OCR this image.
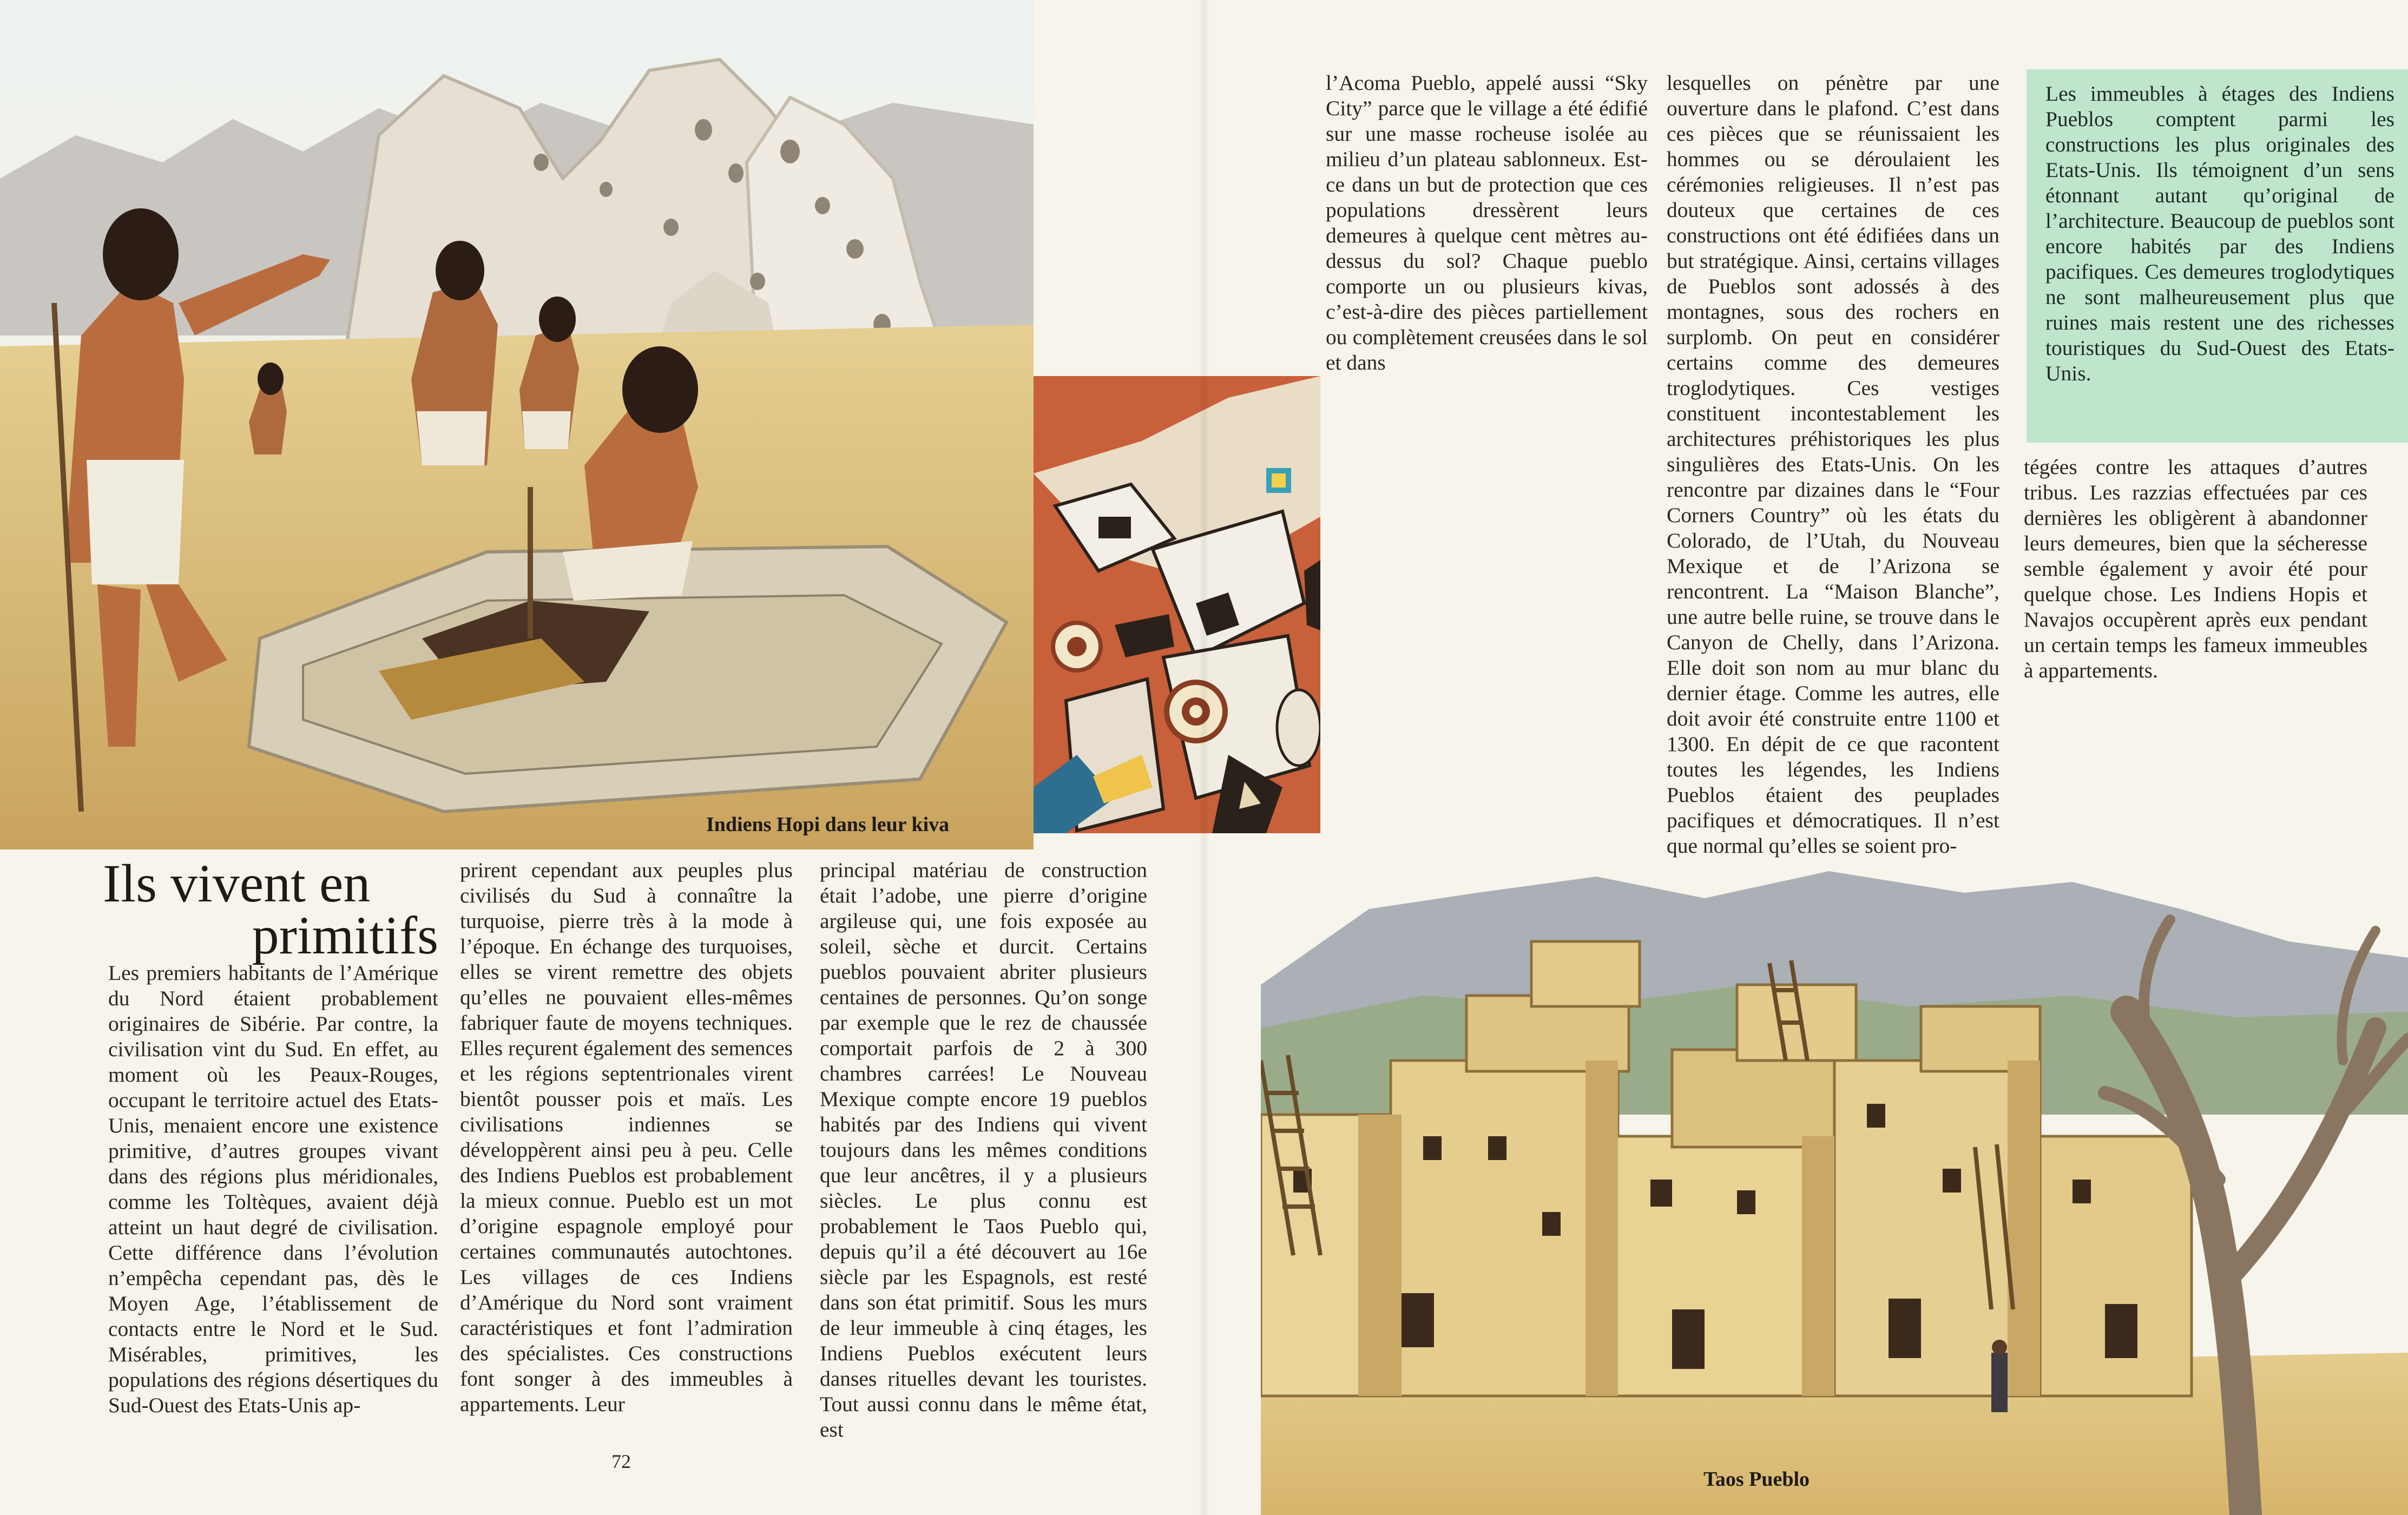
Indiens Hopi dans leur kiva
Taos Pueblo
Ils vivent en
primitifs

Les premiers habitants de l’Amérique du Nord étaient probablement originaires de Sibérie. Par contre, la civilisation vint du Sud. En effet, au moment où les Peaux-Rouges, occupant le territoire actuel des Etats-Unis, menaient encore une existence primitive, d’autres groupes vivant dans des régions plus méridionales, comme les Toltèques, avaient déjà atteint un haut degré de civilisation. Cette différence dans l’évolution n’empêcha cependant pas, dès le Moyen Age, l’établissement de contacts entre le Nord et le Sud. Misérables, primitives, les populations des régions désertiques du Sud-Ouest des Etats-Unis ap-

prirent cependant aux peuples plus civilisés du Sud à connaître la turquoise, pierre très à la mode à l’époque. En échange des turquoises, elles se virent remettre des objets qu’elles ne pouvaient elles-mêmes fabriquer faute de moyens techniques. Elles reçurent également des semences et les régions septentrionales virent bientôt pousser pois et maïs. Les civilisations indiennes se développèrent ainsi peu à peu. Celle des Indiens Pueblos est probablement la mieux connue. Pueblo est un mot d’origine espagnole employé pour certaines communautés autochtones. Les villages de ces Indiens d’Amérique du Nord sont vraiment caractéristiques et font l’admiration des spécialistes. Ces constructions font songer à des immeubles à appartements. Leur

72

l’Acoma Pueblo, appelé aussi “Sky City” parce que le village a été édifié sur une masse rocheuse isolée au milieu d’un plateau sablonneux. Est-ce dans un but de protection que ces populations dressèrent leurs demeures à quelque cent mètres au-dessus du sol? Chaque pueblo comporte un ou plusieurs kivas, c’est-à-dire des pièces partiellement ou complètement creusées dans le sol et dans

principal matériau de construction était l’adobe, une pierre d’origine argileuse qui, une fois exposée au soleil, sèche et durcit. Certains pueblos pouvaient abriter plusieurs centaines de personnes. Qu’on songe par exemple que le rez de chaussée comportait parfois de 2 à 300 chambres carrées! Le Nouveau Mexique compte encore 19 pueblos habités par des Indiens qui vivent toujours dans les mêmes conditions que leur ancêtres, il y a plusieurs siècles. Le plus connu est probablement le Taos Pueblo qui, depuis qu’il a été découvert au 16e siècle par les Espagnols, est resté dans son état primitif. Sous les murs de leur immeuble à cinq étages, les Indiens Pueblos exécutent leurs danses rituelles devant les touristes. Tout aussi connu dans le même état, est

lesquelles on pénètre par une ouverture dans le plafond. C’est dans ces pièces que se réunissaient les hommes ou se déroulaient les cérémonies religieuses. Il n’est pas douteux que certaines de ces constructions ont été édifiées dans un but stratégique. Ainsi, certains villages de Pueblos sont adossés à des montagnes, sous des rochers en surplomb. On peut en considérer certains comme des demeures troglodytiques. Ces vestiges constituent incontestablement les architectures préhistoriques les plus singulières des Etats-Unis. On les rencontre par dizaines dans le “Four Corners Country” où les états du Colorado, de l’Utah, du Nouveau Mexique et de l’Arizona se rencontrent. La “Maison Blanche”, une autre belle ruine, se trouve dans le Canyon de Chelly, dans l’Arizona. Elle doit son nom au mur blanc du dernier étage. Comme les autres, elle doit avoir été construite entre 1100 et 1300. En dépit de ce que racontent toutes les légendes, les Indiens Pueblos étaient des peuplades pacifiques et démocratiques. Il n’est que normal qu’elles se soient pro-

Les immeubles à étages des Indiens Pueblos comptent parmi les constructions les plus originales des Etats-Unis. Ils témoignent d’un sens étonnant autant qu’original de l’architecture. Beaucoup de pueblos sont encore habités par des Indiens pacifiques. Ces demeures troglodytiques ne sont malheureusement plus que ruines mais restent une des richesses touristiques du Sud-Ouest des Etats-Unis.

tégées contre les attaques d’autres tribus. Les razzias effectuées par ces dernières les obligèrent à abandonner leurs demeures, bien que la sécheresse semble également y avoir été pour quelque chose. Les Indiens Hopis et Navajos occupèrent après eux pendant un certain temps les fameux immeubles à appartements.
